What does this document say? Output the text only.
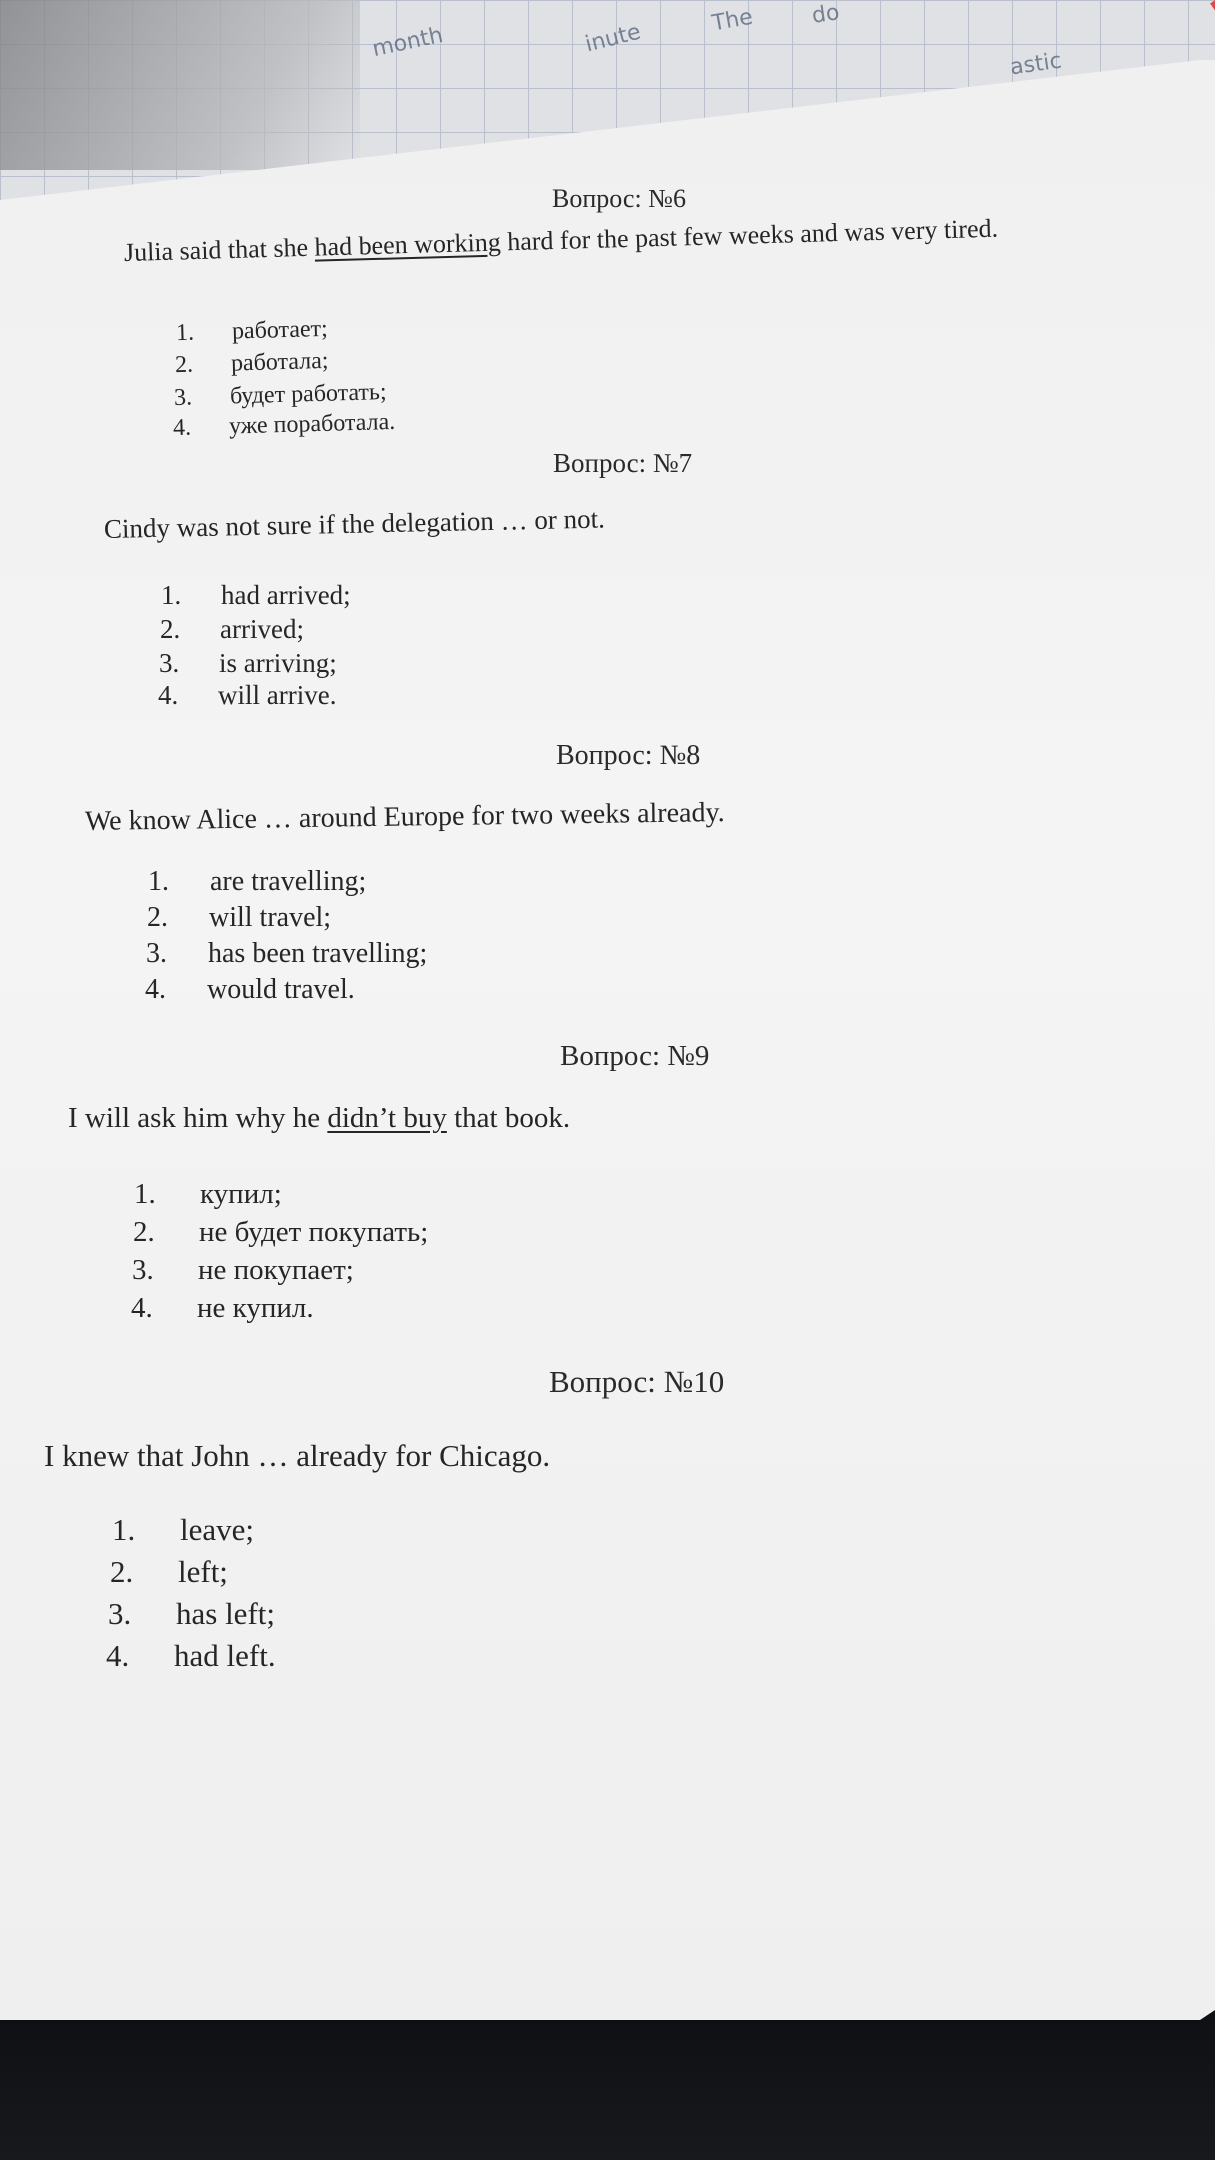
month	inute	The	do
astic
Вопрос: №6
Julia said that she had been working hard for the past few weeks and was very tired.
1. работает;
2. работала;
3. будет работать;
4. уже поработала.
Вопрос: №7
Cindy was not sure if the delegation … or not.
1. had arrived;
2. arrived;
3. is arriving;
4. will arrive.
Вопрос: №8
We know Alice … around Europe for two weeks already.
1. are travelling;
2. will travel;
3. has been travelling;
4. would travel.
Вопрос: №9
I will ask him why he didn’t buy that book.
1. купил;
2. не будет покупать;
3. не покупает;
4. не купил.
Вопрос: №10
I knew that John … already for Chicago.
1. leave;
2. left;
3. has left;
4. had left.
